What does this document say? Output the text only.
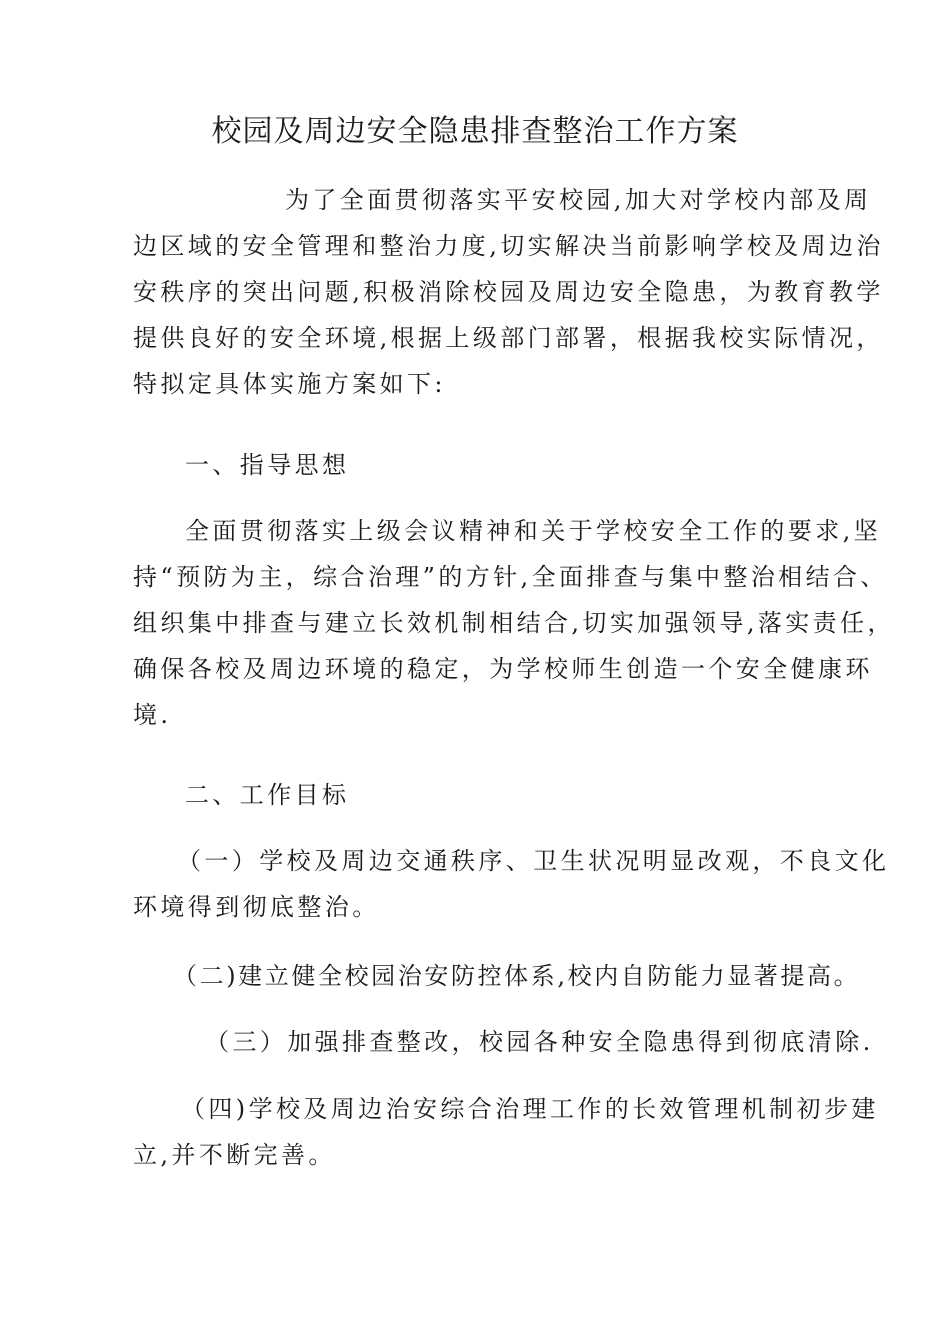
校园及周边安全隐患排查整治工作方案
为了全面贯彻落实平安校园,加大对学校内部及周
边区域的安全管理和整治力度,切实解决当前影响学校及周边治
安秩序的突出问题,积极消除校园及周边安全隐患，为教育教学
提供良好的安全环境,根据上级部门部署，根据我校实际情况，
特拟定具体实施方案如下:
一、指导思想
全面贯彻落实上级会议精神和关于学校安全工作的要求,坚
持“预防为主，综合治理”的方针,全面排查与集中整治相结合、
组织集中排查与建立长效机制相结合,切实加强领导,落实责任，
确保各校及周边环境的稳定，为学校师生创造一个安全健康环
境.
二、工作目标
（一）学校及周边交通秩序、卫生状况明显改观，不良文化
环境得到彻底整治。
（二)建立健全校园治安防控体系,校内自防能力显著提高。
（三）加强排查整改，校园各种安全隐患得到彻底清除.
（四)学校及周边治安综合治理工作的长效管理机制初步建
立,并不断完善。
